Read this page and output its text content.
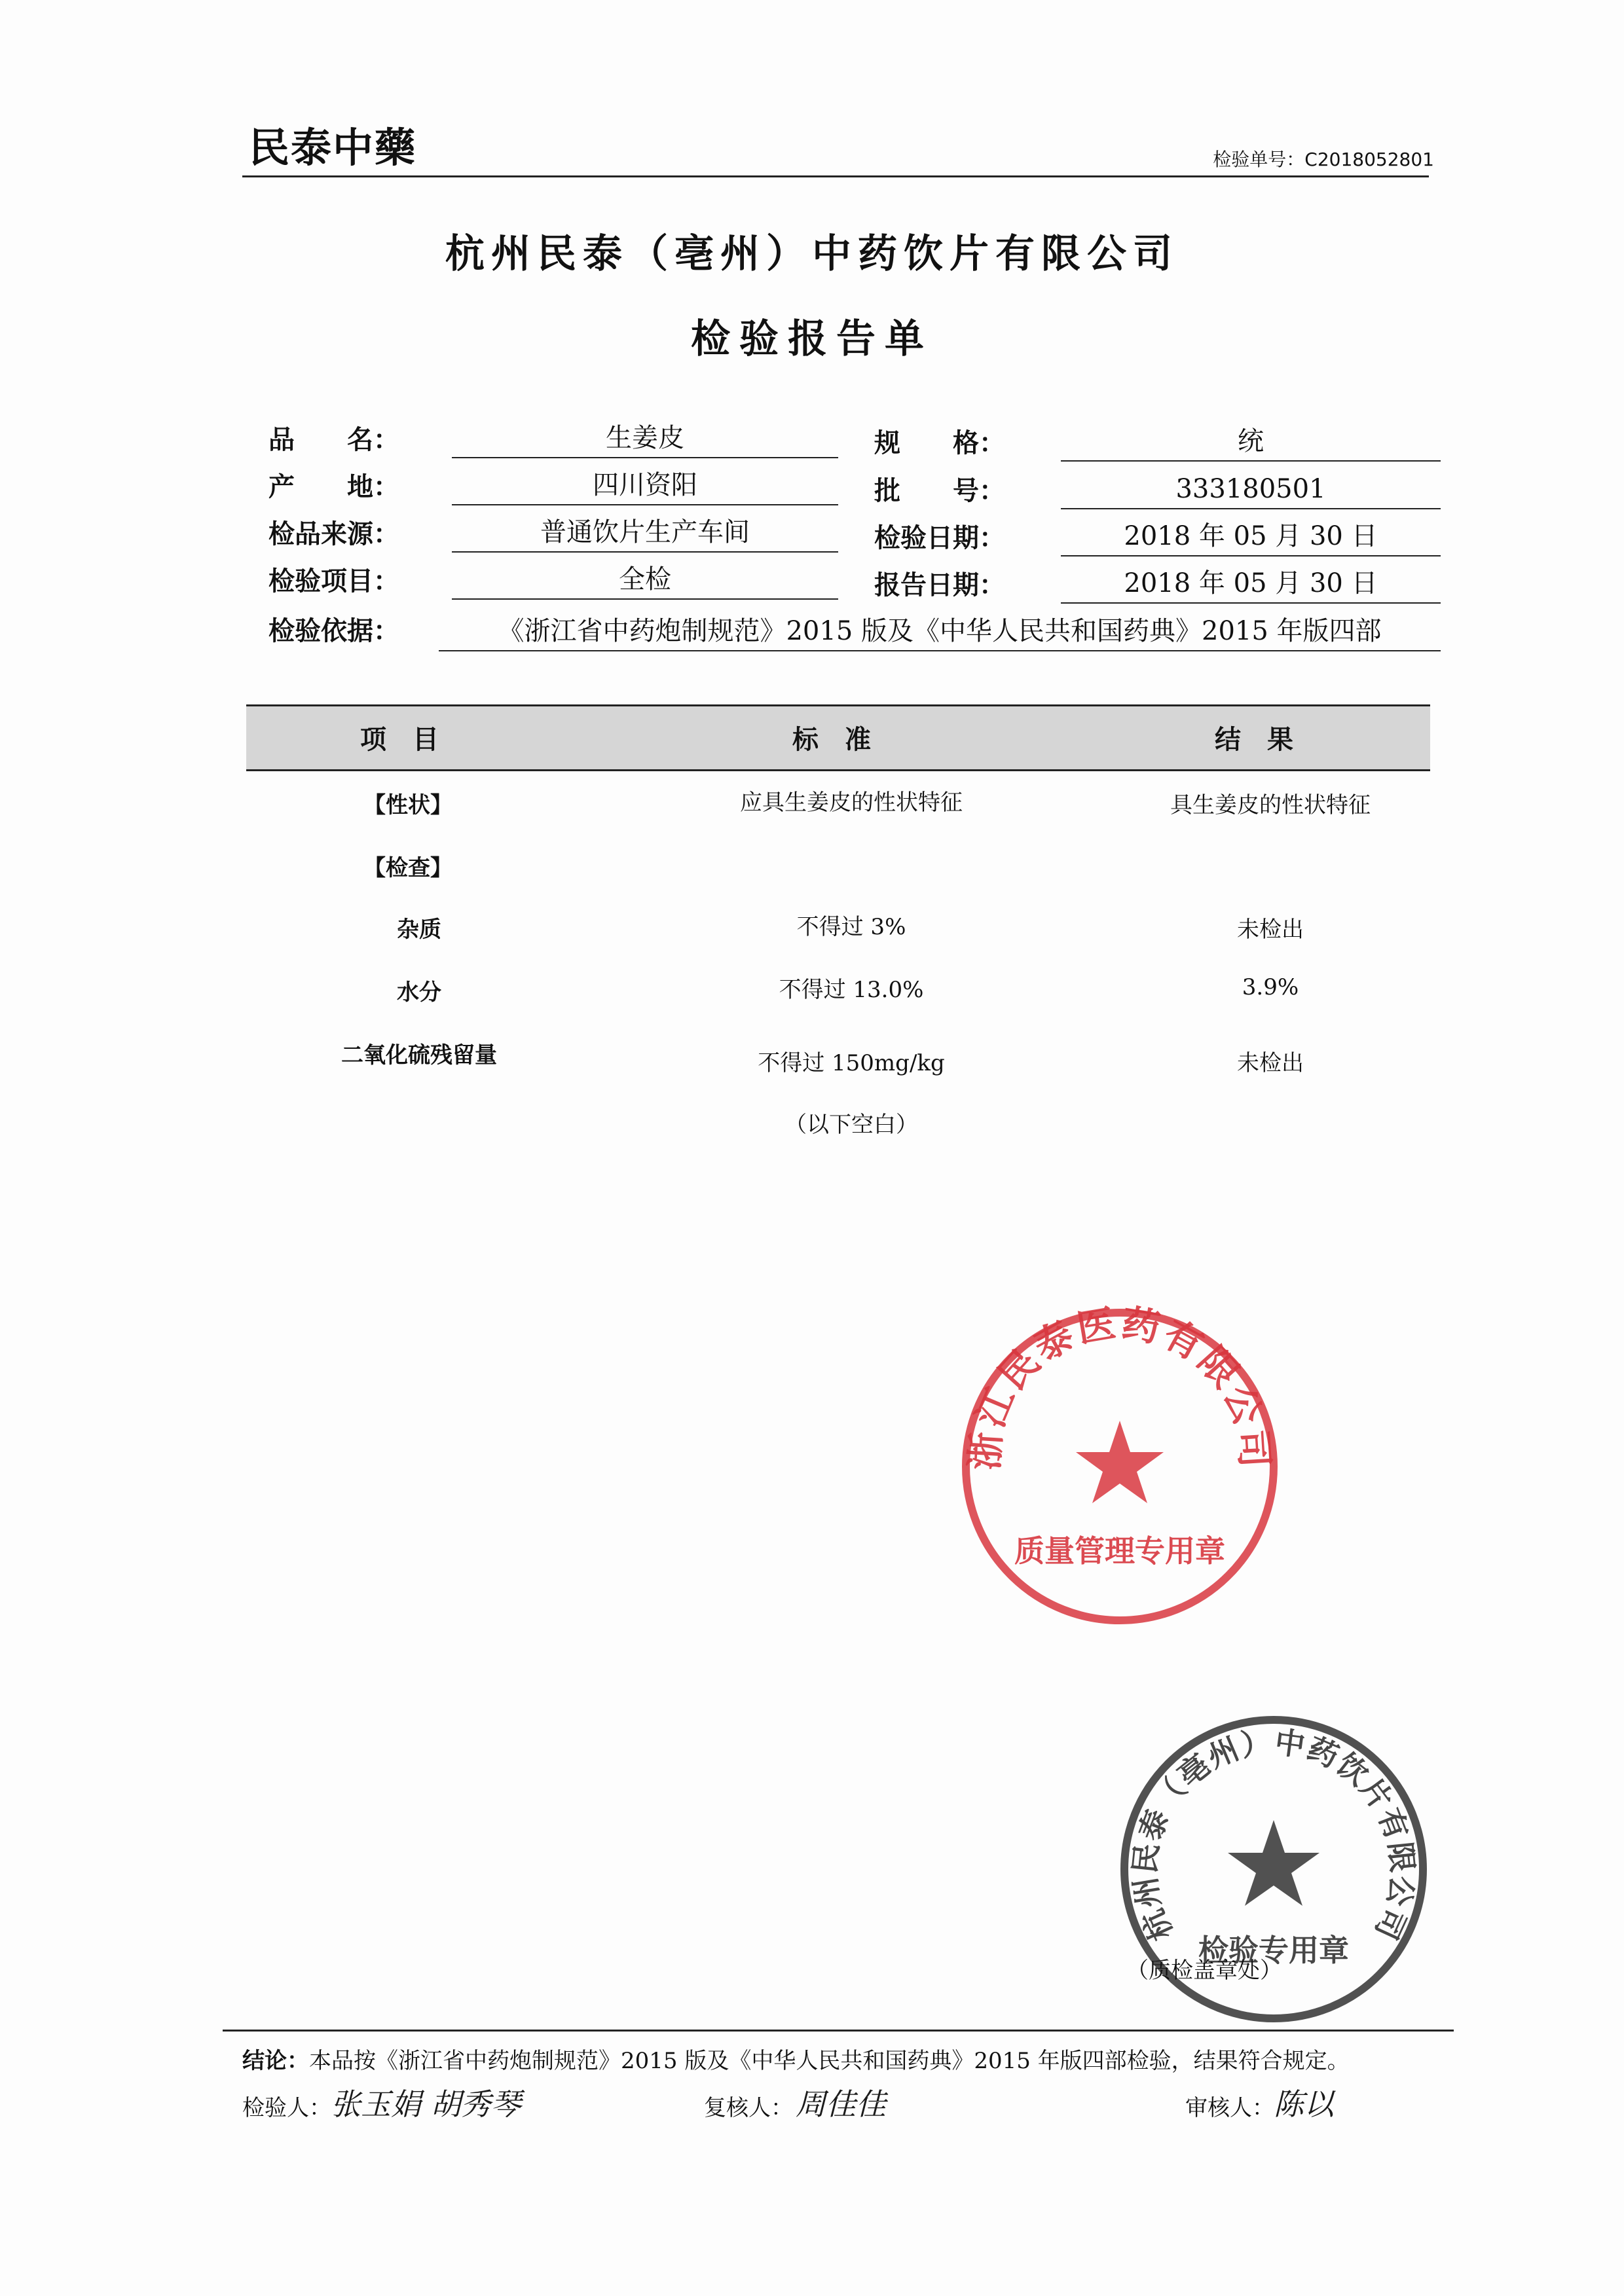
民泰中藥	检验单号：C2018052801
杭州民泰（亳州）中药饮片有限公司
检验报告单
品　　名：	生姜皮
产　　地：	四川资阳
检品来源：	普通饮片生产车间
检验项目：	全检
规　　格：	统
批　　号：	333180501
检验日期：	2018 年 05 月 30 日
报告日期：	2018 年 05 月 30 日
检验依据：	《浙江省中药炮制规范》2015 版及《中华人民共和国药典》2015 年版四部
项目	标准	结果
【性状】	应具生姜皮的性状特征	具生姜皮的性状特征
【检查】
杂质	不得过 3%	未检出
水分	不得过 13.0%	3.9%
二氧化硫残留量	不得过 150mg/kg	未检出
（以下空白）
浙江民泰医药有限公司
质量管理专用章
杭州民泰（亳州）中药饮片有限公司
检验专用章
（质检盖章处）
结论：本品按《浙江省中药炮制规范》2015 版及《中华人民共和国药典》2015 年版四部检验，结果符合规定。
检验人： 张玉娟 胡秀琴	复核人： 周佳佳	审核人： 陈以
